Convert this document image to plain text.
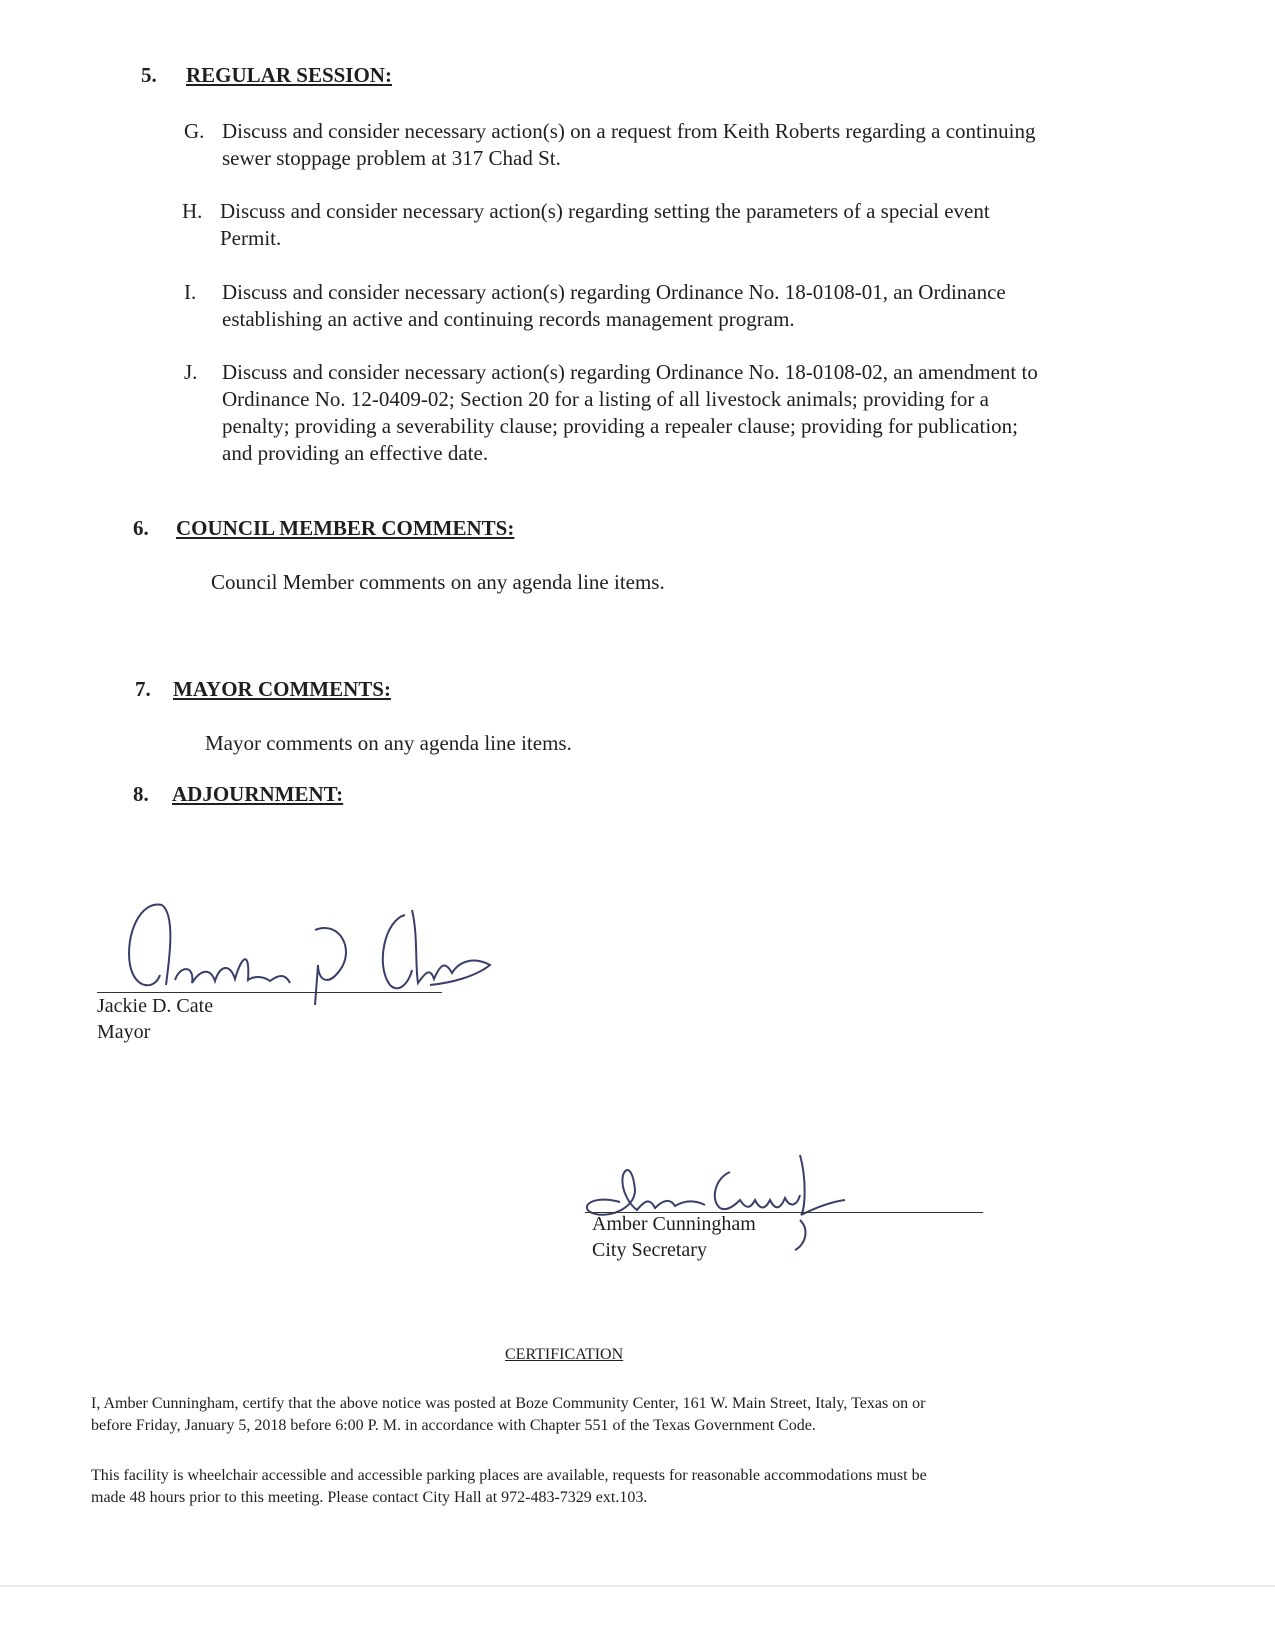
5. REGULAR SESSION:
G. Discuss and consider necessary action(s) on a request from Keith Roberts regarding a continuing
sewer stoppage problem at 317 Chad St.
H. Discuss and consider necessary action(s) regarding setting the parameters of a special event
Permit.
I. Discuss and consider necessary action(s) regarding Ordinance No. 18-0108-01, an Ordinance
establishing an active and continuing records management program.
J. Discuss and consider necessary action(s) regarding Ordinance No. 18-0108-02, an amendment to
Ordinance No. 12-0409-02; Section 20 for a listing of all livestock animals; providing for a
penalty; providing a severability clause; providing a repealer clause; providing for publication;
and providing an effective date.
6. COUNCIL MEMBER COMMENTS:
Council Member comments on any agenda line items.
7. MAYOR COMMENTS:
Mayor comments on any agenda line items.
8. ADJOURNMENT:
Jackie D. Cate
Mayor
Amber Cunningham
City Secretary
CERTIFICATION
I, Amber Cunningham, certify that the above notice was posted at Boze Community Center, 161 W. Main Street, Italy, Texas on or
before Friday, January 5, 2018 before 6:00 P. M. in accordance with Chapter 551 of the Texas Government Code.
This facility is wheelchair accessible and accessible parking places are available, requests for reasonable accommodations must be
made 48 hours prior to this meeting. Please contact City Hall at 972-483-7329 ext.103.
